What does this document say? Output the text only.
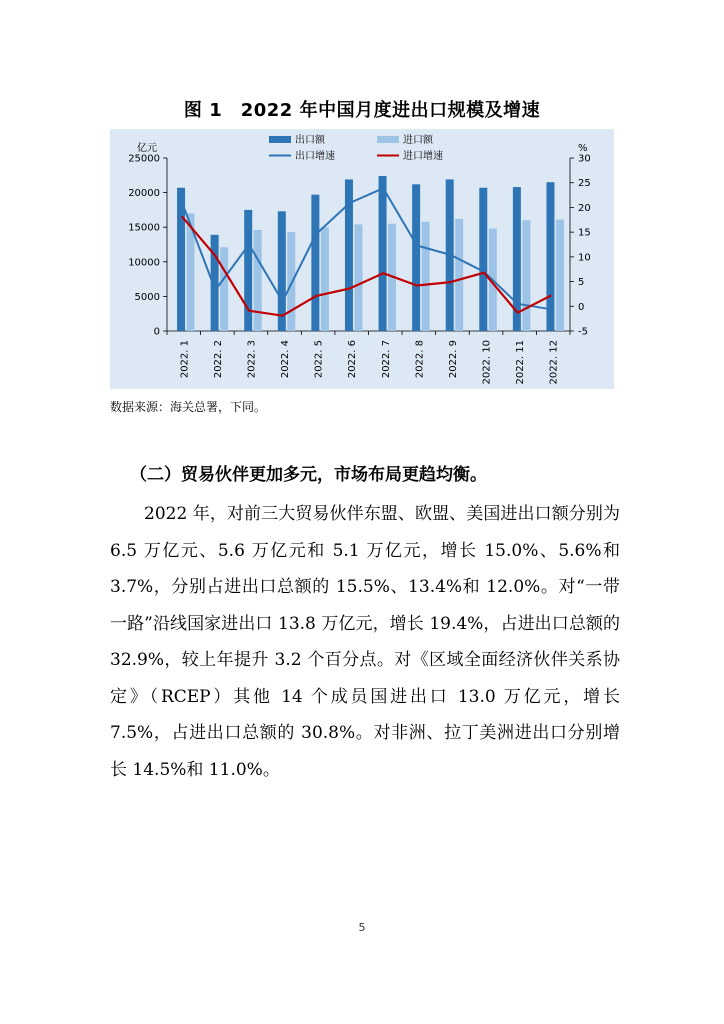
图 1　2022 年中国月度进出口规模及增速
0
5000
10000
15000
20000
25000
-5
0
5
10
15
20
25
30
亿元	%
2022. 1 2022. 2 2022. 3 2022. 4 2022. 5 2022. 6 2022. 7 2022. 8 2022. 9 2022. 10 2022. 11 2022. 12
出口额	进口额
出口增速	进口增速
数据来源：海关总署，下同。
（二）贸易伙伴更加多元，市场布局更趋均衡。
2022 年，对前三大贸易伙伴东盟、欧盟、美国进出口额分别为 6.5 万亿元、5.6 万亿元和 5.1 万亿元，增长 15.0%、5.6%和 3.7%，分别占进出口总额的 15.5%、13.4%和 12.0%。对“一带一路”沿线国家进出口 13.8 万亿元，增长 19.4%，占进出口总额的 32.9%，较上年提升 3.2 个百分点。对《区域全面经济伙伴关系协定》（RCEP）其他 14 个成员国进出口 13.0 万亿元，增长 7.5%，占进出口总额的 30.8%。对非洲、拉丁美洲进出口分别增长 14.5%和 11.0%。
5
